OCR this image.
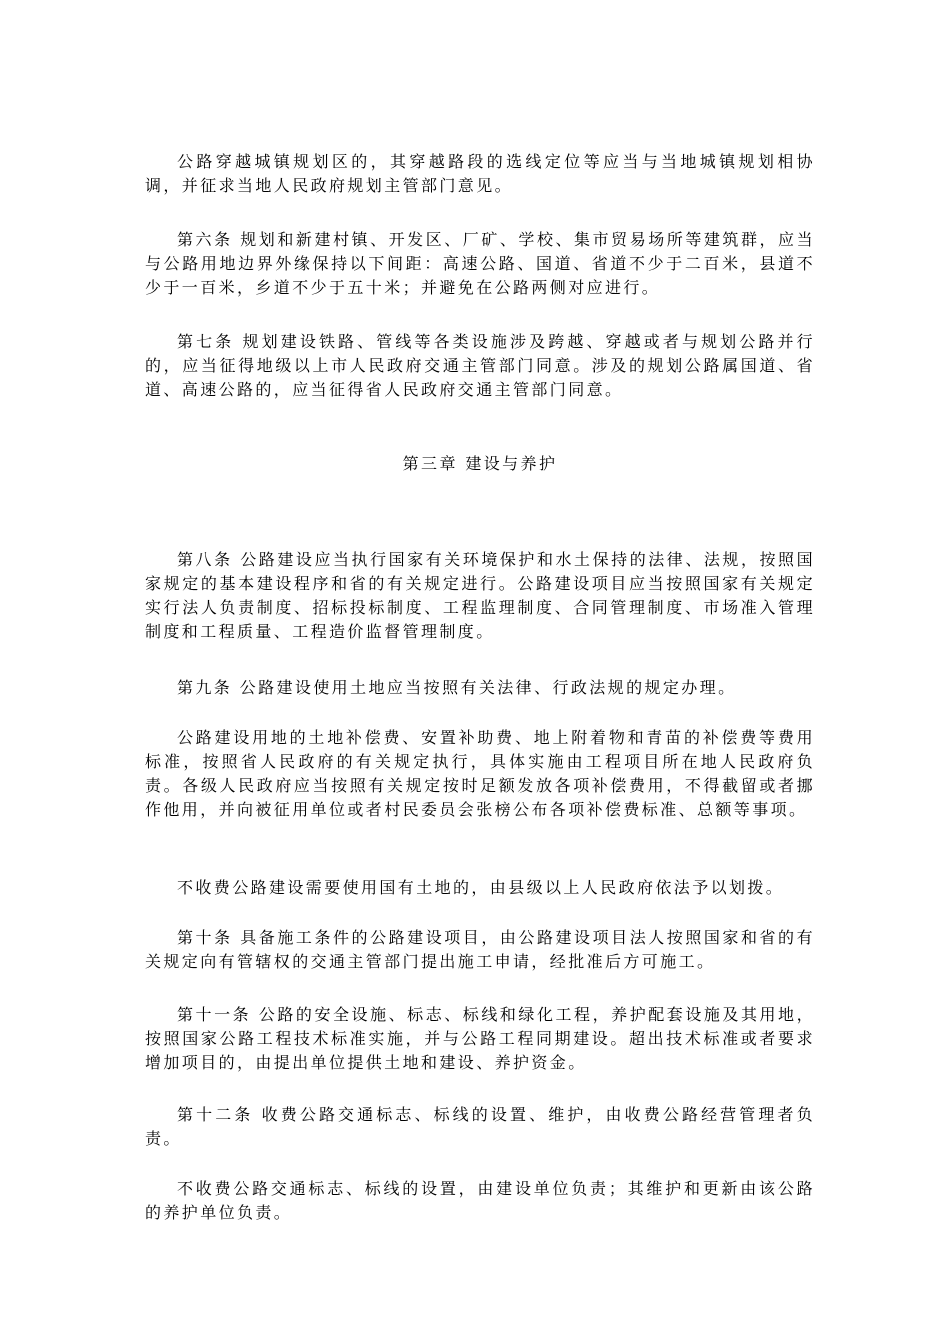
公路穿越城镇规划区的，其穿越路段的选线定位等应当与当地城镇规划相协调，并征求当地人民政府规划主管部门意见。

第六条 规划和新建村镇、开发区、厂矿、学校、集市贸易场所等建筑群，应当与公路用地边界外缘保持以下间距：高速公路、国道、省道不少于二百米，县道不少于一百米，乡道不少于五十米；并避免在公路两侧对应进行。

第七条 规划建设铁路、管线等各类设施涉及跨越、穿越或者与规划公路并行的，应当征得地级以上市人民政府交通主管部门同意。涉及的规划公路属国道、省道、高速公路的，应当征得省人民政府交通主管部门同意。

第三章 建设与养护

第八条 公路建设应当执行国家有关环境保护和水土保持的法律、法规，按照国家规定的基本建设程序和省的有关规定进行。公路建设项目应当按照国家有关规定实行法人负责制度、招标投标制度、工程监理制度、合同管理制度、市场准入管理制度和工程质量、工程造价监督管理制度。

第九条 公路建设使用土地应当按照有关法律、行政法规的规定办理。

公路建设用地的土地补偿费、安置补助费、地上附着物和青苗的补偿费等费用标准，按照省人民政府的有关规定执行，具体实施由工程项目所在地人民政府负责。各级人民政府应当按照有关规定按时足额发放各项补偿费用，不得截留或者挪作他用，并向被征用单位或者村民委员会张榜公布各项补偿费标准、总额等事项。

不收费公路建设需要使用国有土地的，由县级以上人民政府依法予以划拨。

第十条 具备施工条件的公路建设项目，由公路建设项目法人按照国家和省的有关规定向有管辖权的交通主管部门提出施工申请，经批准后方可施工。

第十一条 公路的安全设施、标志、标线和绿化工程，养护配套设施及其用地，按照国家公路工程技术标准实施，并与公路工程同期建设。超出技术标准或者要求增加项目的，由提出单位提供土地和建设、养护资金。

第十二条 收费公路交通标志、标线的设置、维护，由收费公路经营管理者负责。

不收费公路交通标志、标线的设置，由建设单位负责；其维护和更新由该公路的养护单位负责。
